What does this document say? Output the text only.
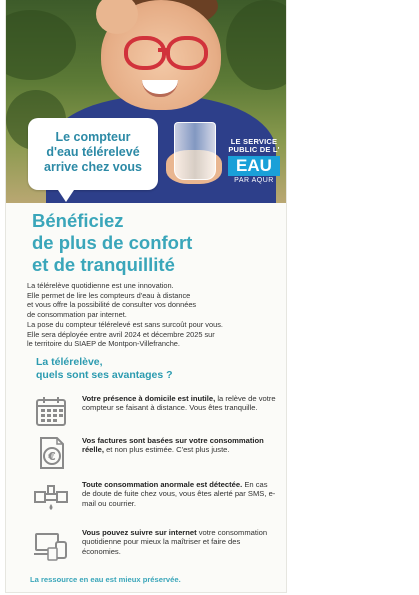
Le compteur
d'eau télérelevé
arrive chez vous
LE SERVICE
PUBLIC DE L'
EAU
PAR AQUR
Bénéficiez
de plus de confort
et de tranquillité

La télérelève quotidienne est une innovation.

Elle permet de lire les compteurs d'eau à distance

et vous offre la possibilité de consulter vos données

de consommation par internet.

La pose du compteur télérelevé est sans surcoût pour vous.

Elle sera déployée entre avril 2024 et décembre 2025 sur

le territoire du SIAEP de Montpon-Villefranche.

La télérelève,
quels sont ses avantages ?
Votre présence à domicile est inutile, la relève de votre compteur se faisant à distance. Vous êtes tranquille.
€
Vos factures sont basées sur votre consommation réelle, et non plus estimée. C'est plus juste.
Toute consommation anormale est détectée. En cas de doute de fuite chez vous, vous êtes alerté par SMS, e-mail ou courrier.
Vous pouvez suivre sur internet votre consommation quotidienne pour mieux la maîtriser et faire des économies.
La ressource en eau est mieux préservée.
